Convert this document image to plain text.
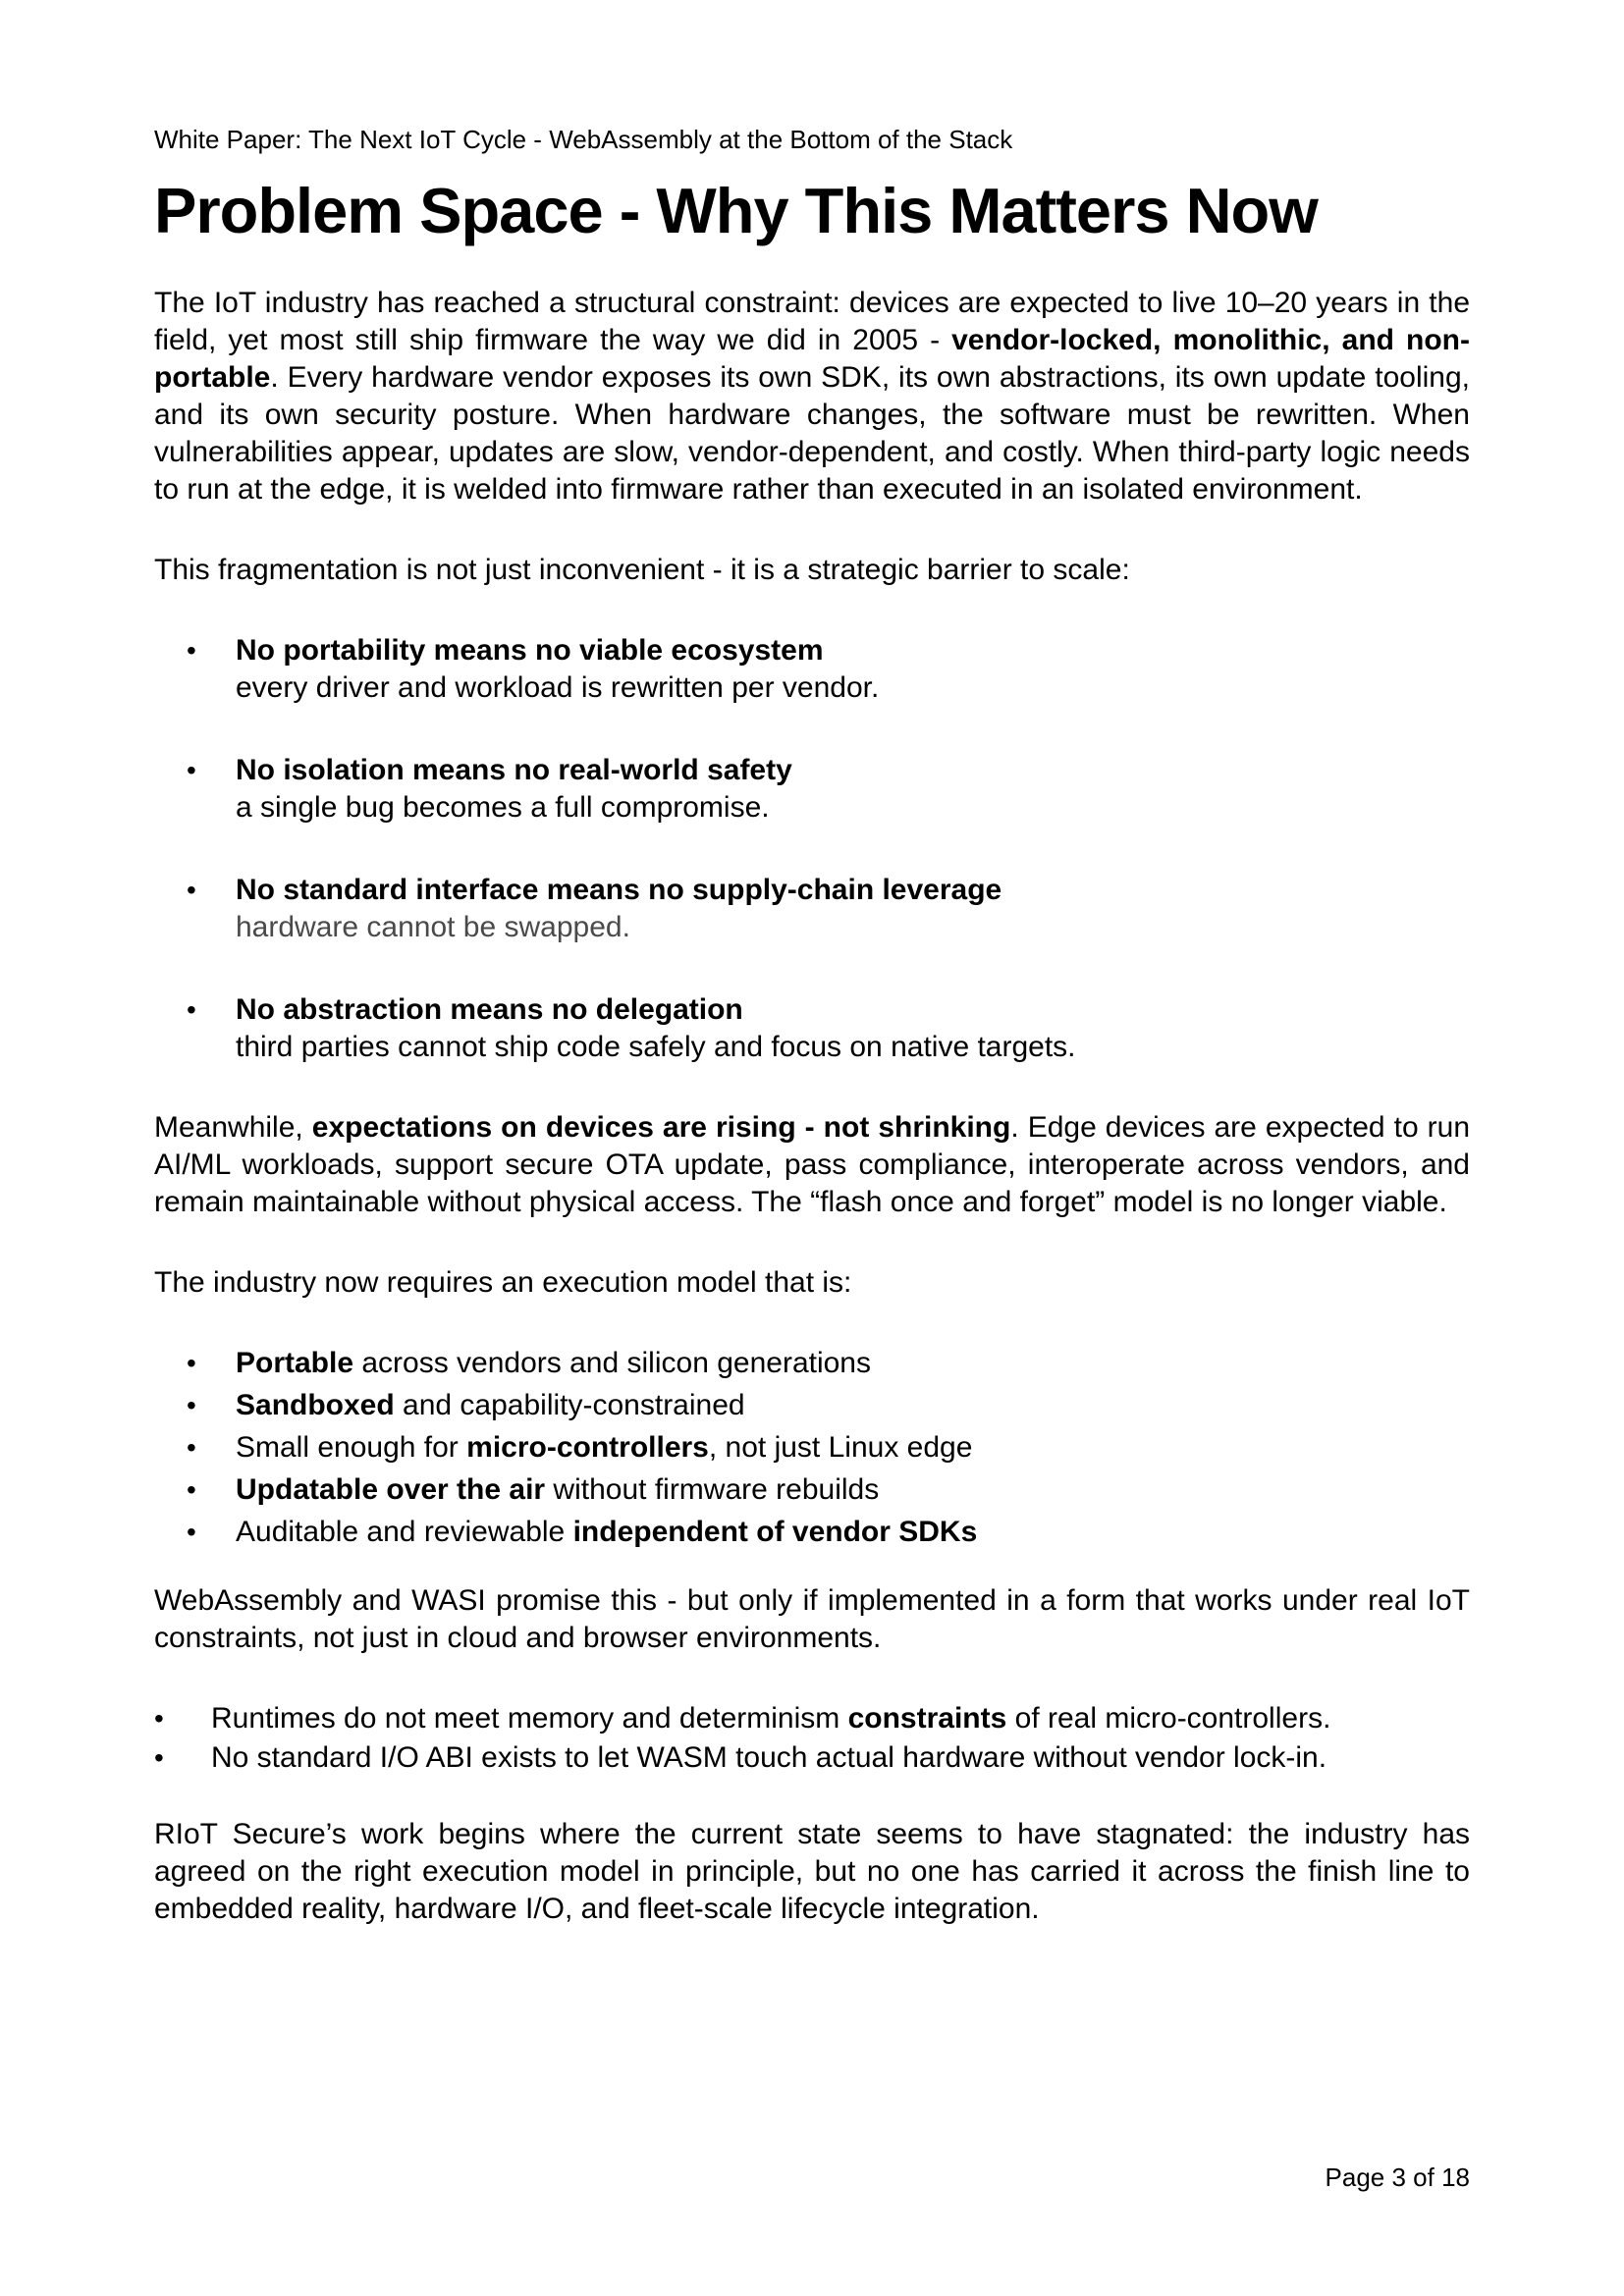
White Paper: The Next IoT Cycle - WebAssembly at the Bottom of the Stack
Problem Space - Why This Matters Now

The IoT industry has reached a structural constraint: devices are expected to live 10–20 years in the field, yet most still ship firmware the way we did in 2005 - vendor-locked, monolithic, and non-portable. Every hardware vendor exposes its own SDK, its own abstractions, its own update tooling, and its own security posture. When hardware changes, the software must be rewritten. When vulnerabilities appear, updates are slow, vendor-dependent, and costly. When third-party logic needs to run at the edge, it is welded into firmware rather than executed in an isolated environment.

This fragmentation is not just inconvenient - it is a strategic barrier to scale:

•	No portability means no viable ecosystem
every driver and workload is rewritten per vendor.
•	No isolation means no real-world safety
a single bug becomes a full compromise.
•	No standard interface means no supply-chain leverage
hardware cannot be swapped.
•	No abstraction means no delegation
third parties cannot ship code safely and focus on native targets.

Meanwhile, expectations on devices are rising - not shrinking. Edge devices are expected to run AI/ML workloads, support secure OTA update, pass compliance, interoperate across vendors, and remain maintainable without physical access. The “flash once and forget” model is no longer viable.

The industry now requires an execution model that is:

•	Portable across vendors and silicon generations
•	Sandboxed and capability-constrained
•	Small enough for micro-controllers, not just Linux edge
•	Updatable over the air without firmware rebuilds
•	Auditable and reviewable independent of vendor SDKs

WebAssembly and WASI promise this - but only if implemented in a form that works under real IoT constraints, not just in cloud and browser environments.

•	Runtimes do not meet memory and determinism constraints of real micro-controllers.
•	No standard I/O ABI exists to let WASM touch actual hardware without vendor lock-in.

RIoT Secure’s work begins where the current state seems to have stagnated: the industry has agreed on the right execution model in principle, but no one has carried it across the finish line to embedded reality, hardware I/O, and fleet-scale lifecycle integration.

Page 3 of 18
